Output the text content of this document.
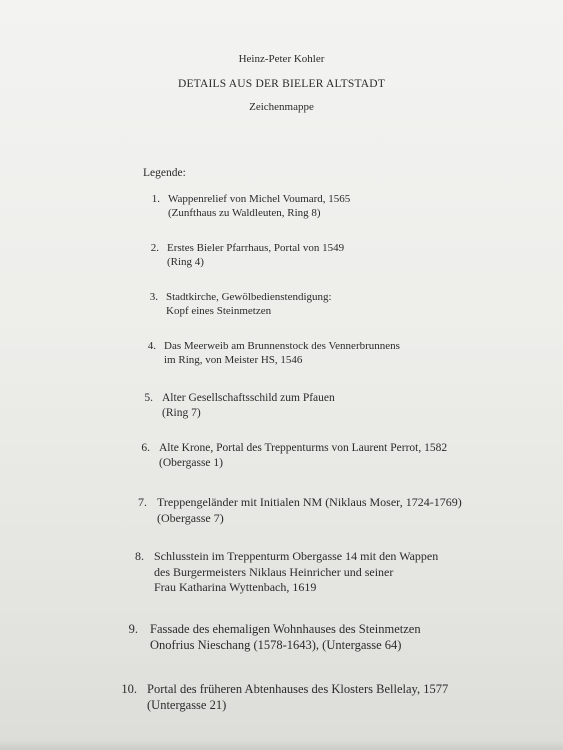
Heinz-Peter Kohler
DETAILS AUS DER BIELER ALTSTADT
Zeichenmappe
Legende:
1. Wappenrelief von Michel Voumard, 1565
(Zunfthaus zu Waldleuten, Ring 8)
2. Erstes Bieler Pfarrhaus, Portal von 1549
(Ring 4)
3. Stadtkirche, Gewölbedienstendigung:
Kopf eines Steinmetzen
4. Das Meerweib am Brunnenstock des Vennerbrunnens
im Ring, von Meister HS, 1546
5. Alter Gesellschaftsschild zum Pfauen
(Ring 7)
6. Alte Krone, Portal des Treppenturms von Laurent Perrot, 1582
(Obergasse 1)
7. Treppengeländer mit Initialen NM (Niklaus Moser, 1724-1769)
(Obergasse 7)
8. Schlusstein im Treppenturm Obergasse 14 mit den Wappen
des Burgermeisters Niklaus Heinricher und seiner
Frau Katharina Wyttenbach, 1619
9. Fassade des ehemaligen Wohnhauses des Steinmetzen
Onofrius Nieschang (1578-1643), (Untergasse 64)
10. Portal des früheren Abtenhauses des Klosters Bellelay, 1577
(Untergasse 21)
